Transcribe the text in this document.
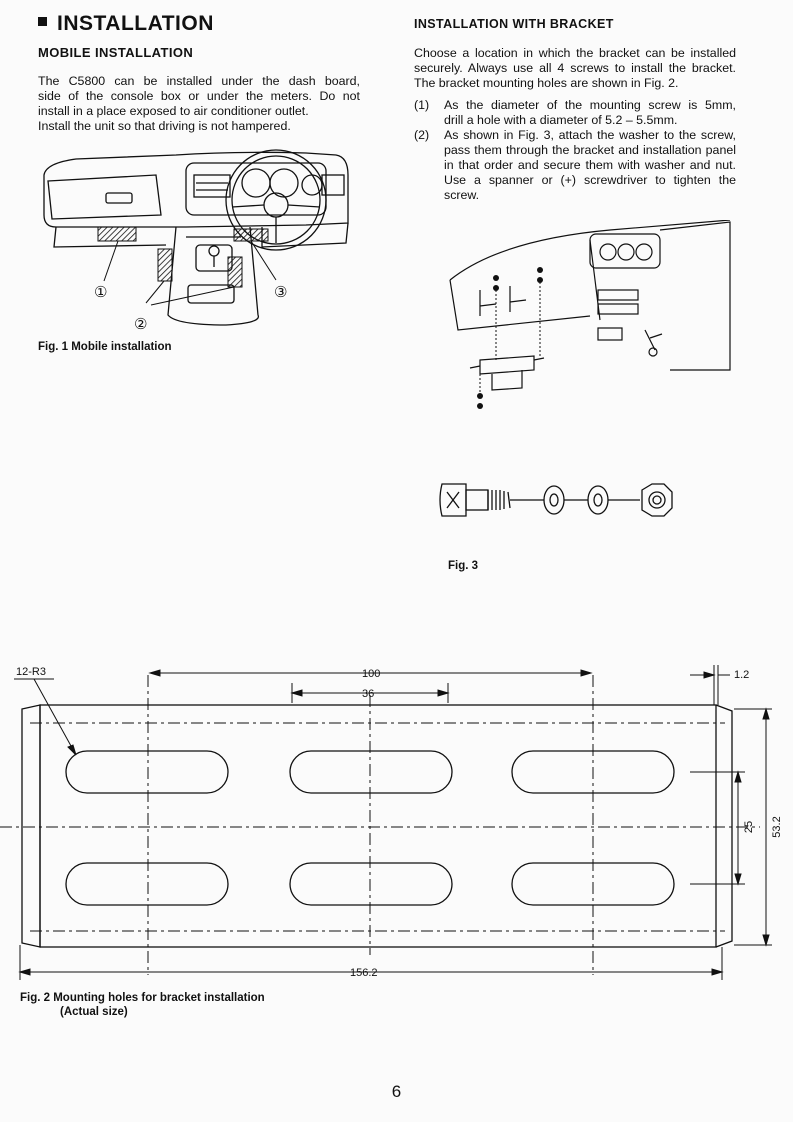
INSTALLATION
MOBILE INSTALLATION
The C5800 can be installed under the dash board,
side of the console box or under the meters. Do not
install in a place exposed to air conditioner outlet.
Install the unit so that driving is not hampered.
①
②
③
Fig. 1 Mobile installation
INSTALLATION WITH BRACKET
Choose a location in which the bracket can be installed
securely. Always use all 4 screws to install the bracket.
The bracket mounting holes are shown in Fig. 2.
(1) As the diameter of the mounting screw is 5mm,
drill a hole with a diameter of 5.2 – 5.5mm.
(2) As shown in Fig. 3, attach the washer to the screw,
pass them through the bracket and installation panel
in that order and secure them with washer and nut.
Use a spanner or (+) screwdriver to tighten the screw.
Fig. 3
12-R3	100
36
1.2
156.2
25 53.2
Fig. 2 Mounting holes for bracket installation
(Actual size)
6
